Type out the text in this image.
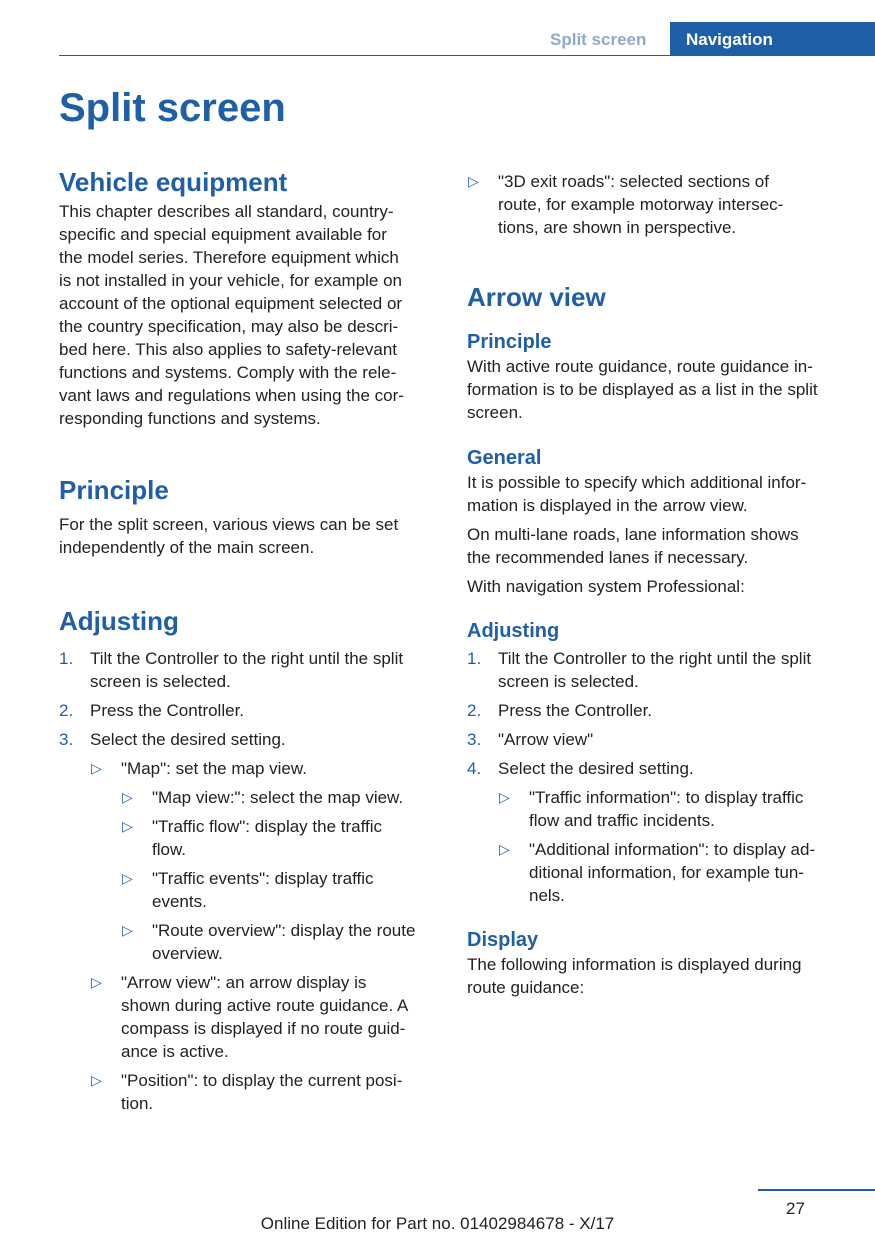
Split screen Navigation
Split screen
Vehicle equipment

This chapter describes all standard, country-
specific and special equipment available for
the model series. Therefore equipment which
is not installed in your vehicle, for example on
account of the optional equipment selected or
the country specification, may also be descri-
bed here. This also applies to safety-relevant
functions and systems. Comply with the rele-
vant laws and regulations when using the cor-
responding functions and systems.

Principle

For the split screen, various views can be set
independently of the main screen.

Adjusting
1. Tilt the Controller to the right until the split
screen is selected.
2. Press the Controller.
3. Select the desired setting.
▷ "Map": set the map view.
▷ "Map view:": select the map view.
▷ "Traffic flow": display the traffic
flow.
▷ "Traffic events": display traffic
events.
▷ "Route overview": display the route
overview.
▷ "Arrow view": an arrow display is
shown during active route guidance. A
compass is displayed if no route guid-
ance is active.
▷ "Position": to display the current posi-
tion.
▷ "3D exit roads": selected sections of
route, for example motorway intersec-
tions, are shown in perspective.
Arrow view
Principle

With active route guidance, route guidance in-
formation is to be displayed as a list in the split
screen.

General

It is possible to specify which additional infor-
mation is displayed in the arrow view.

On multi-lane roads, lane information shows
the recommended lanes if necessary.

With navigation system Professional:

Adjusting
1. Tilt the Controller to the right until the split
screen is selected.
2. Press the Controller.
3. "Arrow view"
4. Select the desired setting.
▷ "Traffic information": to display traffic
flow and traffic incidents.
▷ "Additional information": to display ad-
ditional information, for example tun-
nels.
Display

The following information is displayed during
route guidance:

27
Online Edition for Part no. 01402984678 - X/17
